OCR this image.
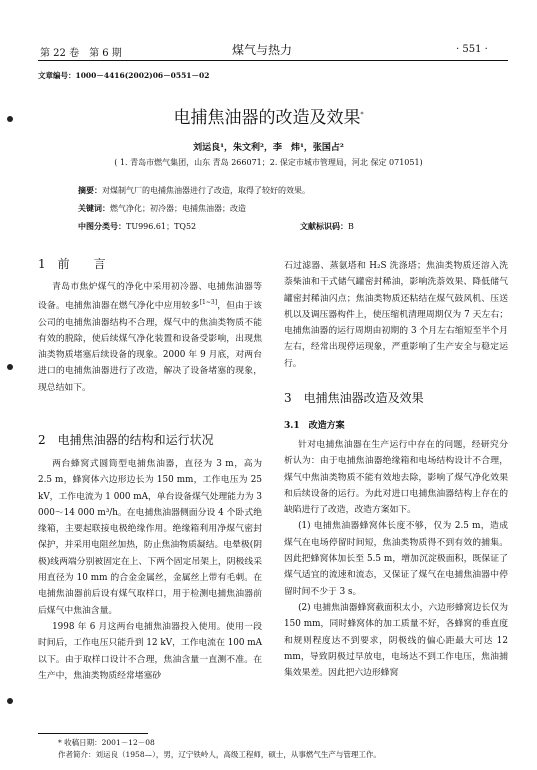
第 22 卷　第 6 期	煤气与热力	· 551 ·
文章编号：1000－4416(2002)06－0551－02
电捕焦油器的改造及效果*
刘运良¹，朱文利²，李　炜¹，张国占²
( 1. 青岛市燃气集团，山东 青岛 266071；2. 保定市城市管理局，河北 保定 071051)
摘要：对煤制气厂的电捕焦油器进行了改造，取得了较好的效果。
关键词：燃气净化；初冷器；电捕焦油器；改造
中图分类号：TU996.61；TQ52	文献标识码：B
1　前　　言

青岛市焦炉煤气的净化中采用初冷器、电捕焦油器等设备。电捕焦油器在燃气净化中应用较多[1~3]，但由于该公司的电捕焦油器结构不合理，煤气中的焦油类物质不能有效的脱除，使后续煤气净化装置和设备受影响，出现焦油类物质堵塞后续设备的现象。2000 年 9 月底，对两台进口的电捕焦油器进行了改造，解决了设备堵塞的现象，现总结如下。

2　电捕焦油器的结构和运行状况

两台蜂窝式圆筒型电捕焦油器，直径为 3 m，高为 2.5 m，蜂窝体六边形边长为 150 mm，工作电压为 25 kV，工作电流为 1 000 mA，单台设备煤气处理能力为 3 000～14 000 m³/h。在电捕焦油器侧面分设 4 个卧式绝缘箱，主要起联接电极绝缘作用。绝缘箱利用净煤气密封保护，并采用电阻丝加热，防止焦油物质凝结。电晕极(阴极)线两端分别被固定在上、下两个固定吊架上，阴极线采用直径为 10 mm 的合金金属丝，金属丝上带有毛刺。在电捕焦油器前后设有煤气取样口，用于检测电捕焦油器前后煤气中焦油含量。

1998 年 6 月这两台电捕焦油器投入使用。使用一段时间后，工作电压只能升到 12 kV，工作电流在 100 mA 以下。由于取样口设计不合理，焦油含量一直测不准。在生产中，焦油类物质经常堵塞砂

石过滤器、蒸氨塔和 H₂S 洗涤塔；焦油类物质还溶入洗萘柴油和干式储气罐密封稀油，影响洗萘效果、降低储气罐密封稀油闪点；焦油类物质还粘结在煤气鼓风机、压送机以及调压器构件上，使压缩机清理周期仅为 7 天左右；电捕焦油器的运行周期由初期的 3 个月左右缩短至半个月左右，经常出现停运现象，严重影响了生产安全与稳定运行。

3　电捕焦油器改造及效果
3.1　改造方案

针对电捕焦油器在生产运行中存在的问题，经研究分析认为：由于电捕焦油器绝缘箱和电场结构设计不合理，煤气中焦油类物质不能有效地去除，影响了煤气净化效果和后续设备的运行。为此对进口电捕焦油器结构上存在的缺陷进行了改造，改造方案如下。

(1) 电捕焦油器蜂窝体长度不够，仅为 2.5 m，造成煤气在电场停留时间短，焦油类物质得不到有效的捕集。因此把蜂窝体加长至 5.5 m，增加沉淀极面积，既保证了煤气适宜的流速和流态，又保证了煤气在电捕焦油器中停留时间不少于 3 s。

(2) 电捕焦油器蜂窝截面积太小，六边形蜂窝边长仅为 150 mm，同时蜂窝体的加工质量不好，各蜂窝的垂直度和规则程度达不到要求，阴极线的偏心距最大可达 12 mm，导致阴极过早放电，电场达不到工作电压，焦油捕集效果差。因此把六边形蜂窝

* 收稿日期：2001－12－08
作者简介：刘运良（1958—），男，辽宁铁岭人，高级工程师，硕士，从事燃气生产与管理工作。
